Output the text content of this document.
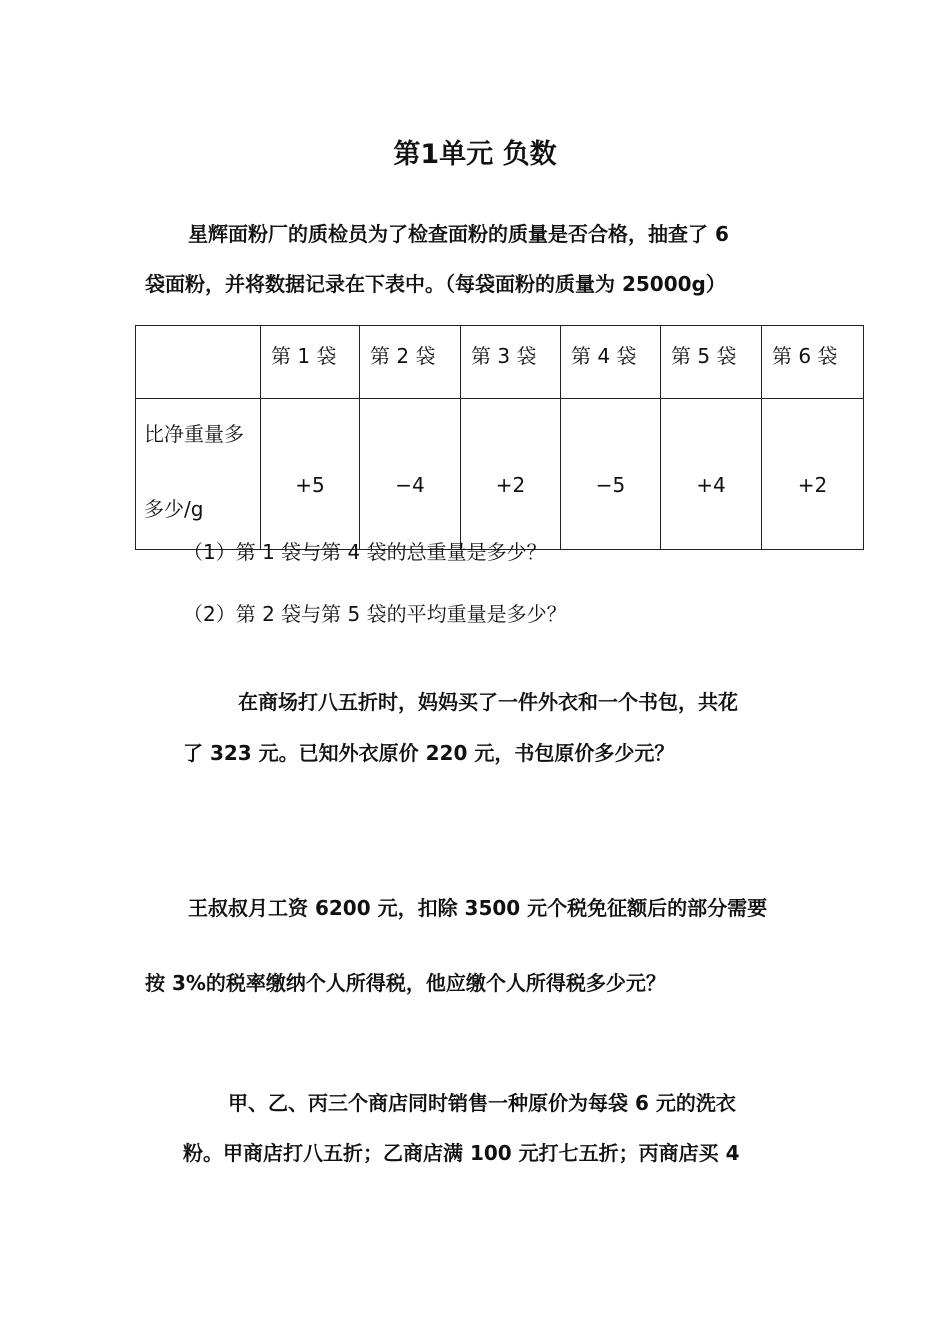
第1单元 负数
星辉面粉厂的质检员为了检查面粉的质量是否合格，抽查了 6
袋面粉，并将数据记录在下表中。（每袋面粉的质量为 25000g）
	第 1 袋	第 2 袋	第 3 袋	第 4 袋	第 5 袋	第 6 袋

比净重量多
多少/g	+5	−4	+2	−5	+4	+2
（1）第 1 袋与第 4 袋的总重量是多少？
（2）第 2 袋与第 5 袋的平均重量是多少？
在商场打八五折时，妈妈买了一件外衣和一个书包，共花
了 323 元。已知外衣原价 220 元，书包原价多少元？
王叔叔月工资 6200 元，扣除 3500 元个税免征额后的部分需要
按 3%的税率缴纳个人所得税，他应缴个人所得税多少元？
甲、乙、丙三个商店同时销售一种原价为每袋 6 元的洗衣
粉。甲商店打八五折；乙商店满 100 元打七五折；丙商店买 4
